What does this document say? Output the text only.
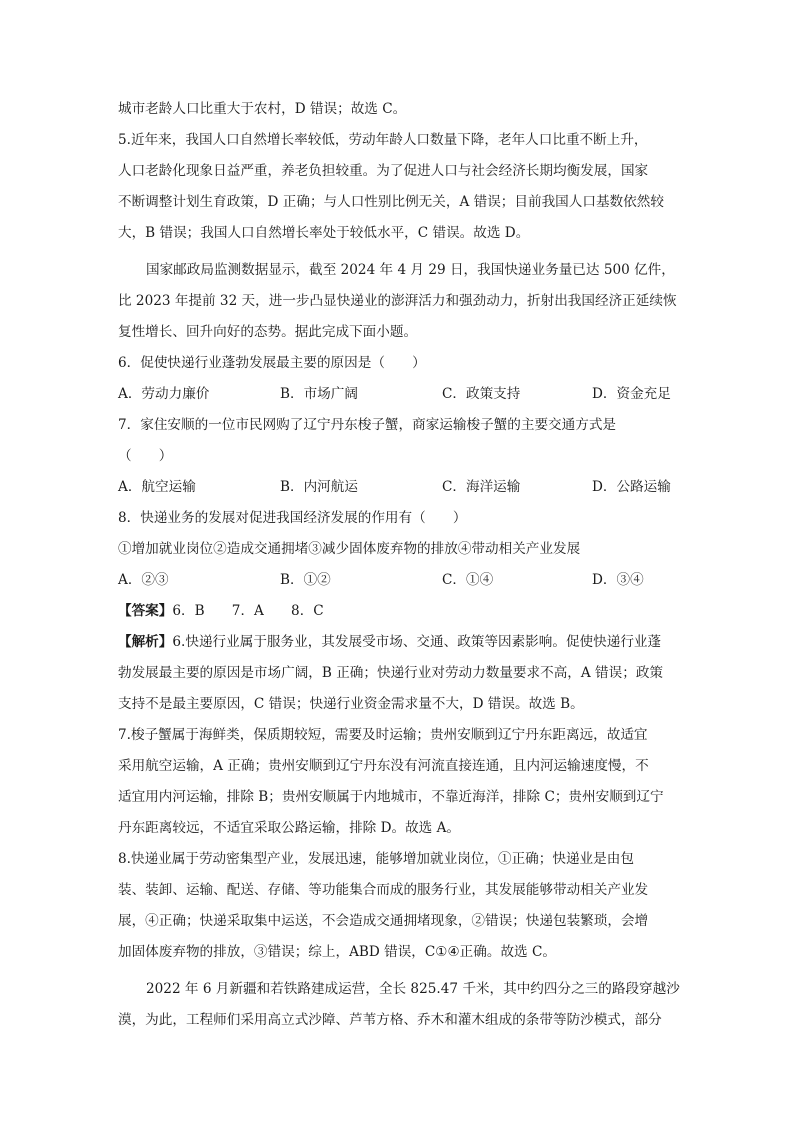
城市老龄人口比重大于农村，D 错误；故选 C。
5.近年来，我国人口自然增长率较低，劳动年龄人口数量下降，老年人口比重不断上升，
人口老龄化现象日益严重，养老负担较重。为了促进人口与社会经济长期均衡发展，国家
不断调整计划生育政策，D 正确；与人口性别比例无关，A 错误；目前我国人口基数依然较
大，B 错误；我国人口自然增长率处于较低水平，C 错误。故选 D。
国家邮政局监测数据显示，截至 2024 年 4 月 29 日，我国快递业务量已达 500 亿件，
比 2023 年提前 32 天，进一步凸显快递业的澎湃活力和强劲动力，折射出我国经济正延续恢
复性增长、回升向好的态势。据此完成下面小题。
6．促使快递行业蓬勃发展最主要的原因是（　　）
A．劳动力廉价	B．市场广阔	C．政策支持	D．资金充足
7．家住安顺的一位市民网购了辽宁丹东梭子蟹，商家运输梭子蟹的主要交通方式是
（　　）
A．航空运输	B．内河航运	C．海洋运输	D．公路运输
8．快递业务的发展对促进我国经济发展的作用有（　　）
①增加就业岗位②造成交通拥堵③减少固体废弃物的排放④带动相关产业发展
A．②③	B．①②	C．①④	D．③④
【答案】6．B　　7．A　　8．C
【解析】6.快递行业属于服务业，其发展受市场、交通、政策等因素影响。促使快递行业蓬
勃发展最主要的原因是市场广阔，B 正确；快递行业对劳动力数量要求不高，A 错误；政策
支持不是最主要原因，C 错误；快递行业资金需求量不大，D 错误。故选 B。
7.梭子蟹属于海鲜类，保质期较短，需要及时运输；贵州安顺到辽宁丹东距离远，故适宜
采用航空运输，A 正确；贵州安顺到辽宁丹东没有河流直接连通，且内河运输速度慢，不
适宜用内河运输，排除 B；贵州安顺属于内地城市，不靠近海洋，排除 C；贵州安顺到辽宁
丹东距离较远，不适宜采取公路运输，排除 D。故选 A。
8.快递业属于劳动密集型产业，发展迅速，能够增加就业岗位，①正确；快递业是由包
装、装卸、运输、配送、存储、等功能集合而成的服务行业，其发展能够带动相关产业发
展，④正确；快递采取集中运送，不会造成交通拥堵现象，②错误；快递包装繁琐，会增
加固体废弃物的排放，③错误；综上，ABD 错误，C①④正确。故选 C。
2022 年 6 月新疆和若铁路建成运营，全长 825.47 千米，其中约四分之三的路段穿越沙
漠，为此，工程师们采用高立式沙障、芦苇方格、乔木和灌木组成的条带等防沙模式，部分
